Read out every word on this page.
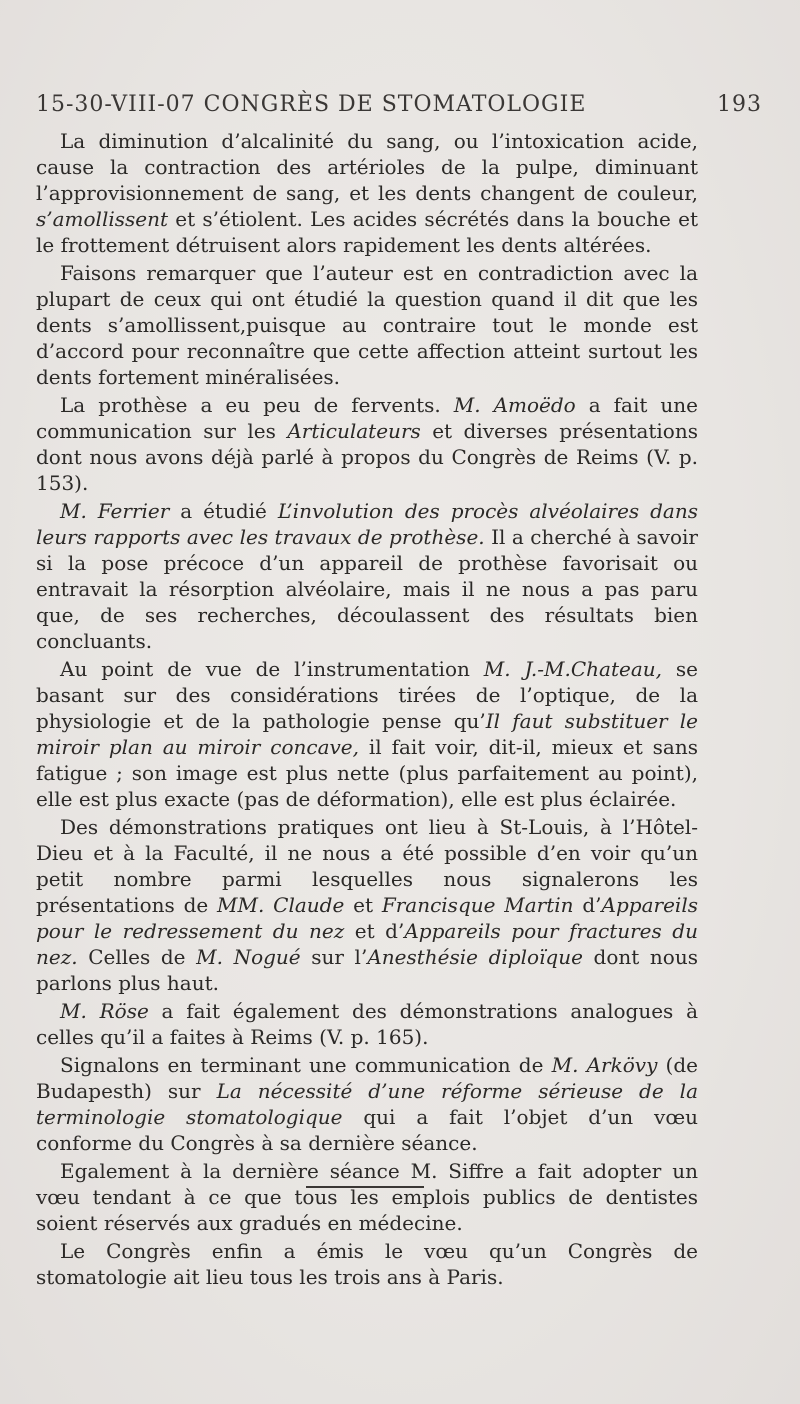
15-30-VIII-07 CONGRÈS DE STOMATOLOGIE	193

La diminution d’alcalinité du sang, ou l’intoxication acide, cause la contraction des artérioles de la pulpe, diminuant l’approvisionnement de sang, et les dents changent de couleur, s’amollissent et s’étiolent. Les acides sécrétés dans la bouche et le frottement détruisent alors rapidement les dents altérées.

Faisons remarquer que l’auteur est en contradiction avec la plupart de ceux qui ont étudié la question quand il dit que les dents s’amollissent,puisque au contraire tout le monde est d’accord pour reconnaître que cette affection atteint surtout les dents fortement minéralisées.

La prothèse a eu peu de fervents. M. Amoëdo a fait une communication sur les Articulateurs et diverses présentations dont nous avons déjà parlé à propos du Congrès de Reims (V. p. 153).

M. Ferrier a étudié L’involution des procès alvéolaires dans leurs rapports avec les travaux de prothèse. Il a cherché à savoir si la pose précoce d’un appareil de prothèse favorisait ou entravait la résorption alvéolaire, mais il ne nous a pas paru que, de ses recherches, découlassent des résultats bien concluants.

Au point de vue de l’instrumentation M. J.-M.Chateau, se basant sur des considérations tirées de l’optique, de la physiologie et de la pathologie pense qu’Il faut substituer le miroir plan au miroir concave, il fait voir, dit-il, mieux et sans fatigue ; son image est plus nette (plus parfaitement au point), elle est plus exacte (pas de déformation), elle est plus éclairée.

Des démonstrations pratiques ont lieu à St-Louis, à l’Hôtel-Dieu et à la Faculté, il ne nous a été possible d’en voir qu’un petit nombre parmi lesquelles nous signalerons les présentations de MM. Claude et Francisque Martin d’Appareils pour le redressement du nez et d’Appareils pour fractures du nez. Celles de M. Nogué sur l’Anesthésie diploïque dont nous parlons plus haut.

M. Röse a fait également des démonstrations analogues à celles qu’il a faites à Reims (V. p. 165).

Signalons en terminant une communication de M. Arkövy (de Budapesth) sur La nécessité d’une réforme sérieuse de la terminologie stomatologique qui a fait l’objet d’un vœu conforme du Congrès à sa dernière séance.

Egalement à la dernière séance M. Siffre a fait adopter un vœu tendant à ce que tous les emplois publics de dentistes soient réservés aux gradués en médecine.

Le Congrès enfin a émis le vœu qu’un Congrès de stomatologie ait lieu tous les trois ans à Paris.
